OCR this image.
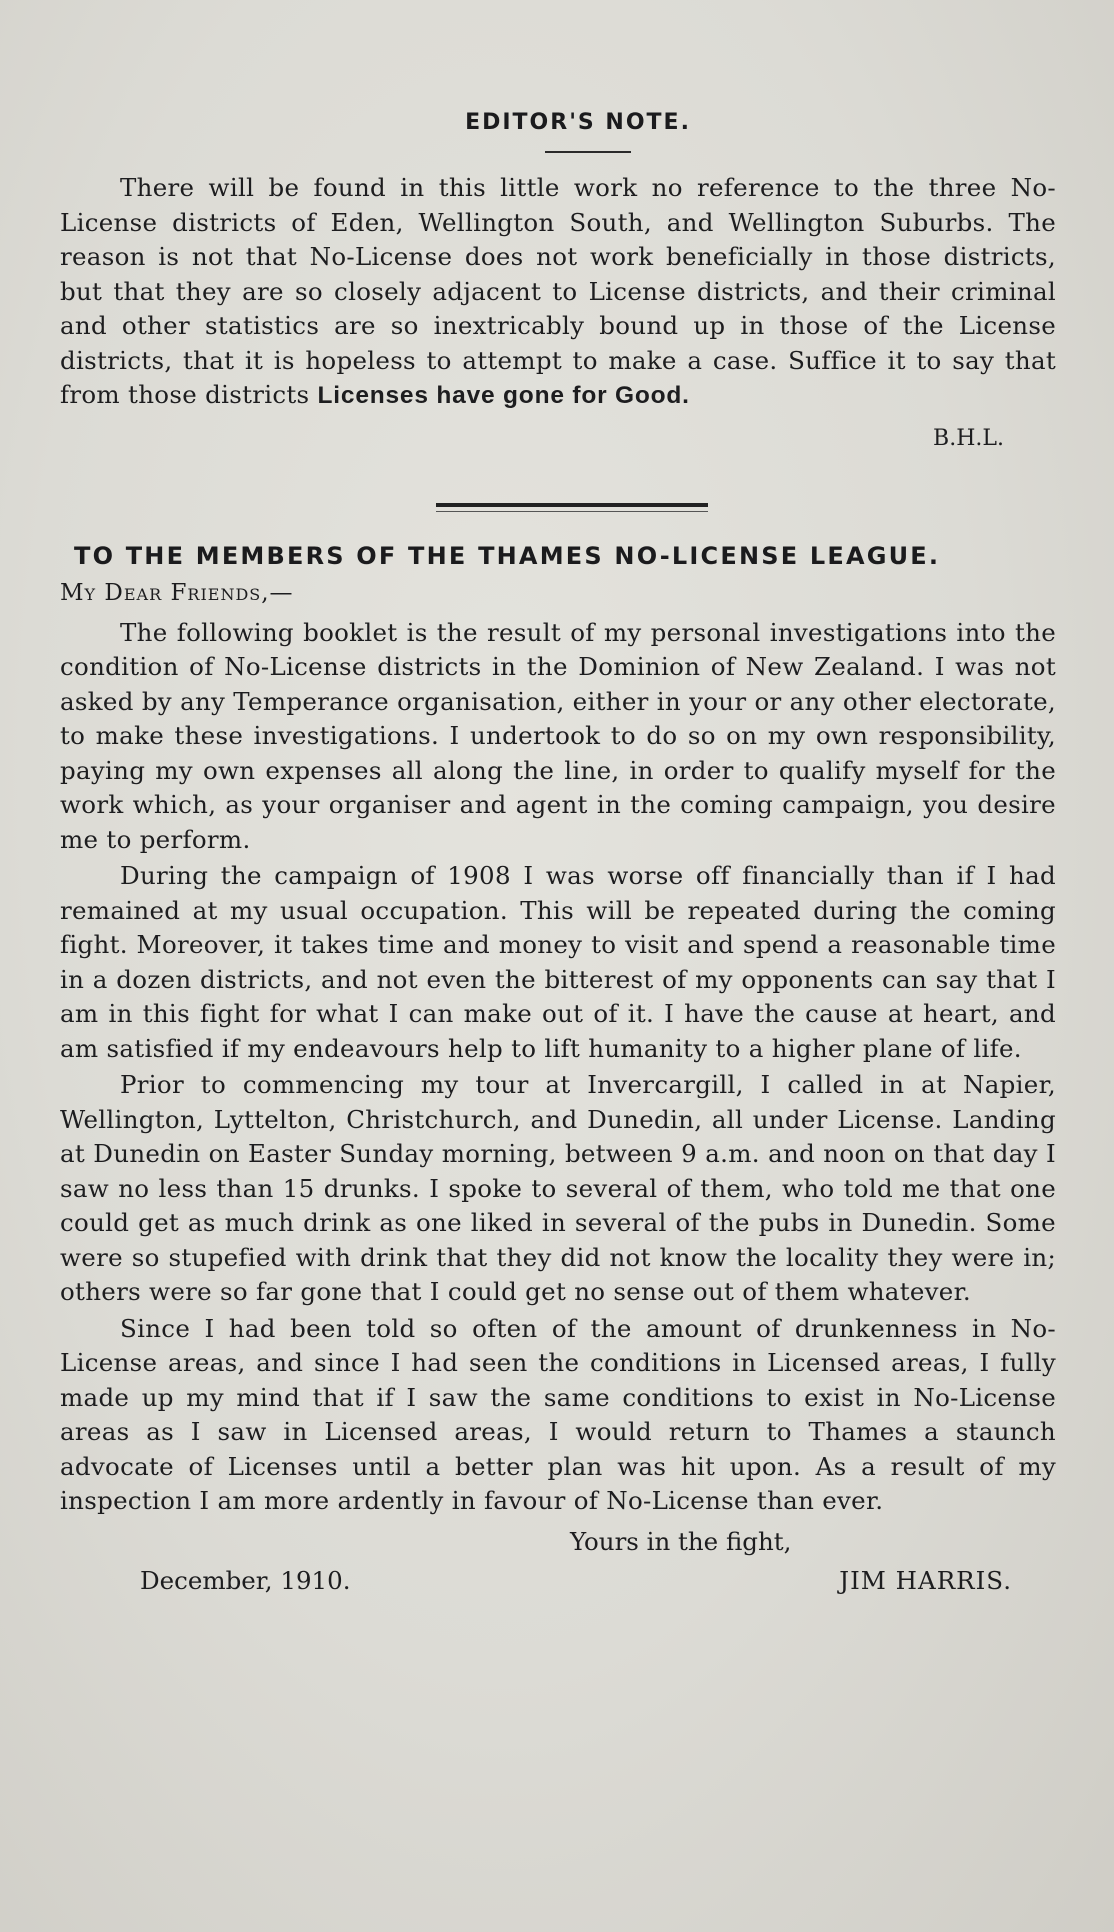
EDITOR'S NOTE.

There will be found in this little work no reference to the three No-License districts of Eden, Wellington South, and Wellington Suburbs. The reason is not that No-License does not work beneficially in those districts, but that they are so closely adjacent to License districts, and their criminal and other statistics are so inextricably bound up in those of the License districts, that it is hopeless to attempt to make a case. Suffice it to say that from those districts Licenses have gone for Good.

B.H.L.
TO THE MEMBERS OF THE THAMES NO-LICENSE LEAGUE.
My Dear Friends,—

The following booklet is the result of my personal investigations into the condition of No-License districts in the Dominion of New Zealand. I was not asked by any Temperance organisation, either in your or any other electorate, to make these investigations. I undertook to do so on my own responsibility, paying my own expenses all along the line, in order to qualify myself for the work which, as your organiser and agent in the coming campaign, you desire me to perform.

During the campaign of 1908 I was worse off financially than if I had remained at my usual occupation. This will be repeated during the coming fight. Moreover, it takes time and money to visit and spend a reasonable time in a dozen districts, and not even the bitterest of my opponents can say that I am in this fight for what I can make out of it. I have the cause at heart, and am satisfied if my endeavours help to lift humanity to a higher plane of life.

Prior to commencing my tour at Invercargill, I called in at Napier, Wellington, Lyttelton, Christchurch, and Dunedin, all under License. Landing at Dunedin on Easter Sunday morning, between 9 a.m. and noon on that day I saw no less than 15 drunks. I spoke to several of them, who told me that one could get as much drink as one liked in several of the pubs in Dunedin. Some were so stupefied with drink that they did not know the locality they were in; others were so far gone that I could get no sense out of them whatever.

Since I had been told so often of the amount of drunkenness in No-License areas, and since I had seen the conditions in Licensed areas, I fully made up my mind that if I saw the same conditions to exist in No-License areas as I saw in Licensed areas, I would return to Thames a staunch advocate of Licenses until a better plan was hit upon. As a result of my inspection I am more ardently in favour of No-License than ever.

Yours in the fight,
December, 1910.	JIM HARRIS.
